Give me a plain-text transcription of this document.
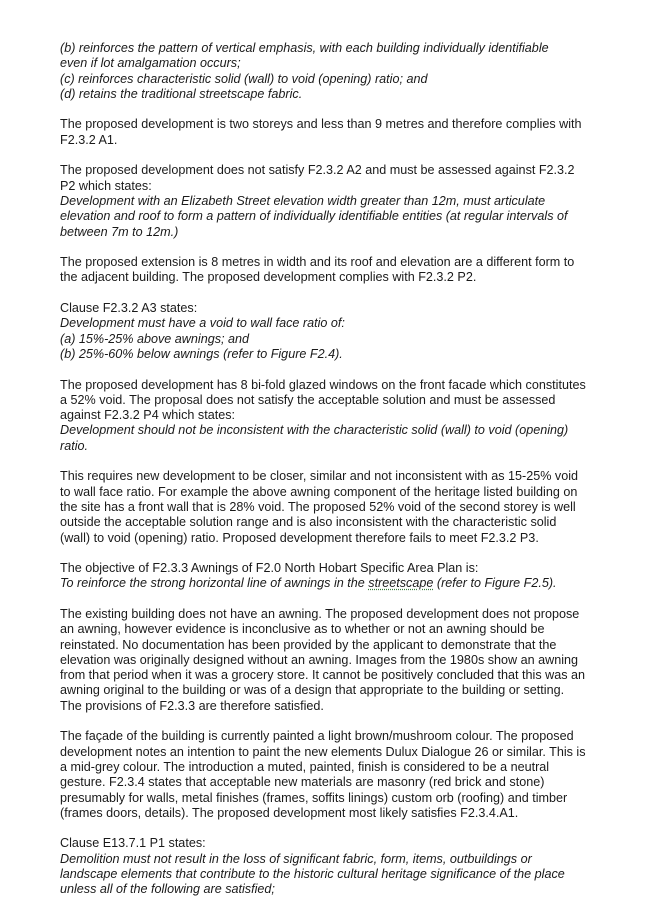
(b) reinforces the pattern of vertical emphasis, with each building individually identifiable
even if lot amalgamation occurs;
(c) reinforces characteristic solid (wall) to void (opening) ratio; and
(d) retains the traditional streetscape fabric.
The proposed development is two storeys and less than 9 metres and therefore complies with
F2.3.2 A1.
The proposed development does not satisfy F2.3.2 A2 and must be assessed against F2.3.2
P2 which states:
Development with an Elizabeth Street elevation width greater than 12m, must articulate
elevation and roof to form a pattern of individually identifiable entities (at regular intervals of
between 7m to 12m.)
The proposed extension is 8 metres in width and its roof and elevation are a different form to
the adjacent building. The proposed development complies with F2.3.2 P2.
Clause F2.3.2 A3 states:
Development must have a void to wall face ratio of:
(a) 15%-25% above awnings; and
(b) 25%-60% below awnings (refer to Figure F2.4).
The proposed development has 8 bi-fold glazed windows on the front facade which constitutes
a 52% void. The proposal does not satisfy the acceptable solution and must be assessed
against F2.3.2 P4 which states:
Development should not be inconsistent with the characteristic solid (wall) to void (opening)
ratio.
This requires new development to be closer, similar and not inconsistent with as 15-25% void
to wall face ratio. For example the above awning component of the heritage listed building on
the site has a front wall that is 28% void. The proposed 52% void of the second storey is well
outside the acceptable solution range and is also inconsistent with the characteristic solid
(wall) to void (opening) ratio. Proposed development therefore fails to meet F2.3.2 P3.
The objective of F2.3.3 Awnings of F2.0 North Hobart Specific Area Plan is:
To reinforce the strong horizontal line of awnings in the streetscape (refer to Figure F2.5).
The existing building does not have an awning. The proposed development does not propose
an awning, however evidence is inconclusive as to whether or not an awning should be
reinstated. No documentation has been provided by the applicant to demonstrate that the
elevation was originally designed without an awning. Images from the 1980s show an awning
from that period when it was a grocery store. It cannot be positively concluded that this was an
awning original to the building or was of a design that appropriate to the building or setting.
The provisions of F2.3.3 are therefore satisfied.
The façade of the building is currently painted a light brown/mushroom colour. The proposed
development notes an intention to paint the new elements Dulux Dialogue 26 or similar. This is
a mid-grey colour. The introduction a muted, painted, finish is considered to be a neutral
gesture. F2.3.4 states that acceptable new materials are masonry (red brick and stone)
presumably for walls, metal finishes (frames, soffits linings) custom orb (roofing) and timber
(frames doors, details). The proposed development most likely satisfies F2.3.4.A1.
Clause E13.7.1 P1 states:
Demolition must not result in the loss of significant fabric, form, items, outbuildings or
landscape elements that contribute to the historic cultural heritage significance of the place
unless all of the following are satisfied;
